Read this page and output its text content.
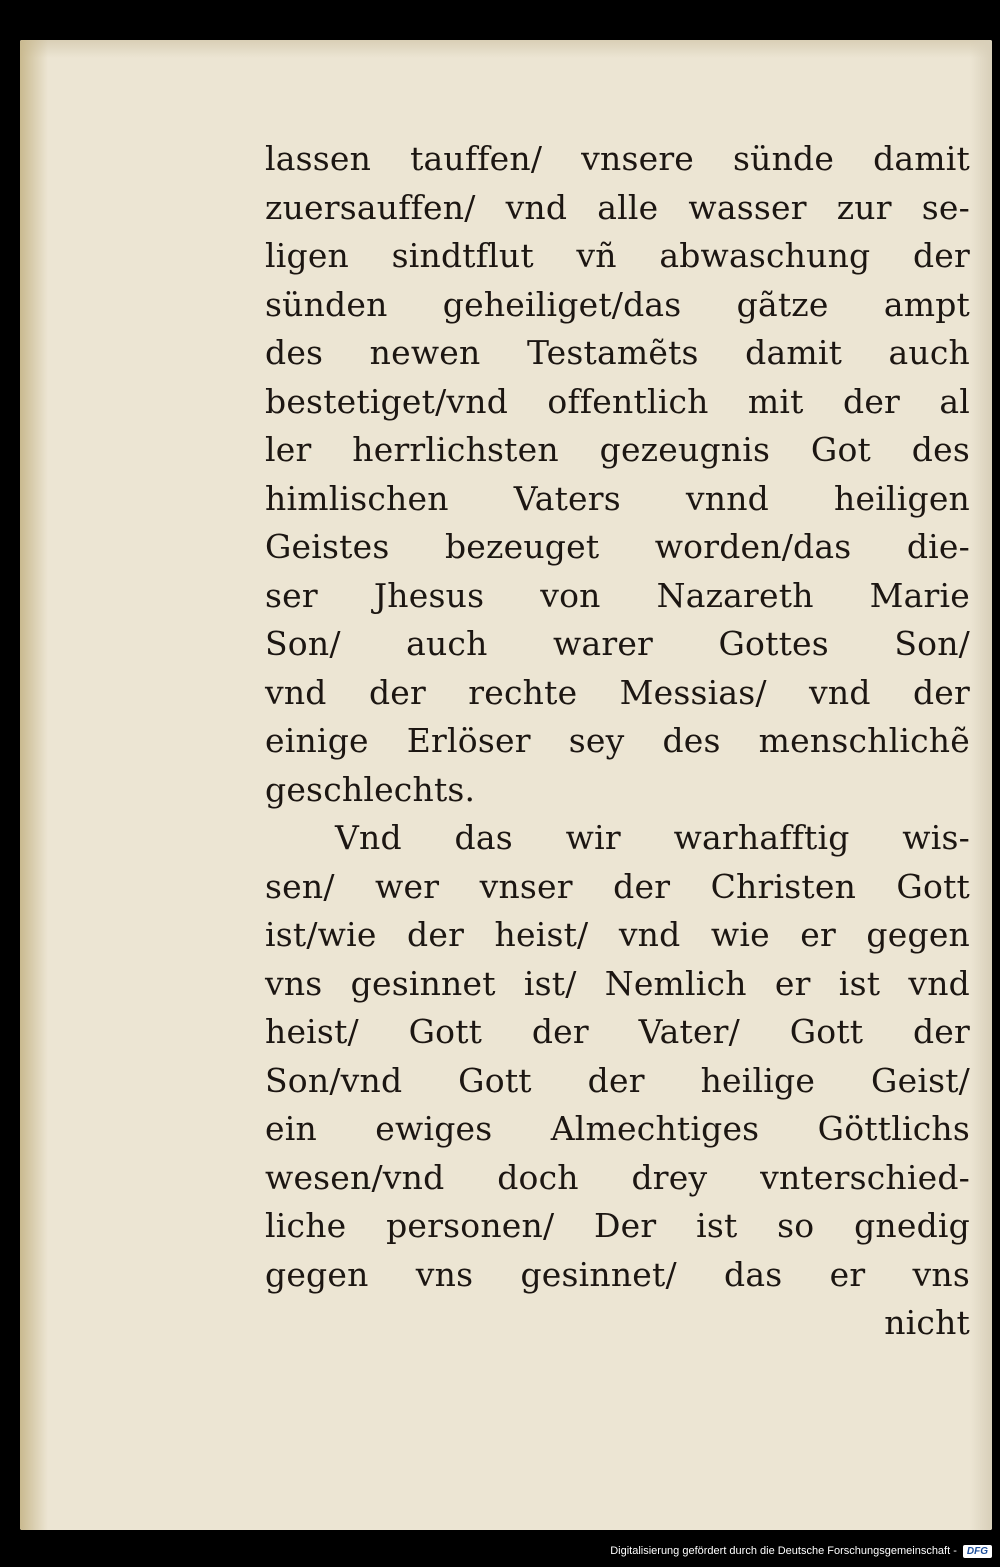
lassen tauffen/ vnsere sünde damit
zuersauffen/ vnd alle wasser zur se-
ligen sindtflut vñ abwaschung der
sünden geheiliget/das gãtze ampt
des newen Testamẽts damit auch
bestetiget/vnd offentlich mit der al
ler herrlichsten gezeugnis Got des
himlischen Vaters vnnd heiligen
Geistes bezeuget worden/das die-
ser Jhesus von Nazareth Marie
Son/ auch warer Gottes Son/
vnd der rechte Messias/ vnd der
einige Erlöser sey des menschlichẽ
geschlechts.
Vnd das wir warhafftig wis-
sen/ wer vnser der Christen Gott
ist/wie der heist/ vnd wie er gegen
vns gesinnet ist/ Nemlich er ist vnd
heist/ Gott der Vater/ Gott der
Son/vnd Gott der heilige Geist/
ein ewiges Almechtiges Göttlichs
wesen/vnd doch drey vnterschied-
liche personen/ Der ist so gnedig
gegen vns gesinnet/ das er vns
nicht
Digitalisierung gefördert durch die Deutsche Forschungsgemeinschaft -	DFG
